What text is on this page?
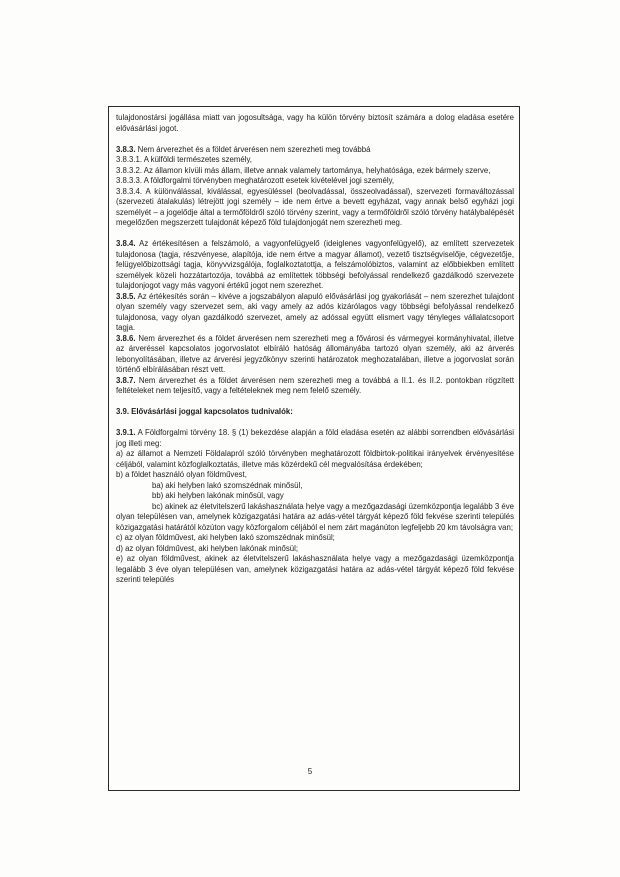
tulajdonostársi jogállása miatt van jogosultsága, vagy ha külön törvény biztosít számára a dolog eladása esetére elővásárlási jogot.

3.8.3. Nem árverezhet és a földet árverésen nem szerezheti meg továbbá

3.8.3.1. A külföldi természetes személy,

3.8.3.2. Az államon kívüli más állam, illetve annak valamely tartománya, helyhatósága, ezek bármely szerve,

3.8.3.3. A földforgalmi törvényben meghatározott esetek kivételével jogi személy,

3.8.3.4. A különválással, kiválással, egyesüléssel (beolvadással, összeolvadással), szervezeti formaváltozással (szervezeti átalakulás) létrejött jogi személy – ide nem értve a bevett egyházat, vagy annak belső egyházi jogi személyét – a jogelődje által a termőföldről szóló törvény szerint, vagy a termőföldről szóló törvény hatálybalépését megelőzően megszerzett tulajdonát képező föld tulajdonjogát nem szerezheti meg.

3.8.4. Az értékesítésen a felszámoló, a vagyonfelügyelő (ideiglenes vagyonfelügyelő), az említett szervezetek tulajdonosa (tagja, részvényese, alapítója, ide nem értve a magyar államot), vezető tisztségviselője, cégvezetője, felügyelőbizottsági tagja, könyvvizsgálója, foglalkoztatottja, a felszámolóbiztos, valamint az előbbiekben említett személyek közeli hozzátartozója, továbbá az említettek többségi befolyással rendelkező gazdálkodó szervezete tulajdonjogot vagy más vagyoni értékű jogot nem szerezhet.

3.8.5. Az értékesítés során – kivéve a jogszabályon alapuló elővásárlási jog gyakorlását – nem szerezhet tulajdont olyan személy vagy szervezet sem, aki vagy amely az adós kizárólagos vagy többségi befolyással rendelkező tulajdonosa, vagy olyan gazdálkodó szervezet, amely az adóssal együtt elismert vagy tényleges vállalatcsoport tagja.

3.8.6. Nem árverezhet és a földet árverésen nem szerezheti meg a fővárosi és vármegyei kormányhivatal, illetve az árveréssel kapcsolatos jogorvoslatot elbíráló hatóság állományába tartozó olyan személy, aki az árverés lebonyolításában, illetve az árverési jegyzőkönyv szerinti határozatok meghozatalában, illetve a jogorvoslat során történő elbírálásában részt vett.

3.8.7. Nem árverezhet és a földet árverésen nem szerezheti meg a továbbá a II.1. és II.2. pontokban rögzített feltételeket nem teljesítő, vagy a feltételeknek meg nem felelő személy.

3.9. Elővásárlási joggal kapcsolatos tudnivalók:

3.9.1. A Földforgalmi törvény 18. § (1) bekezdése alapján a föld eladása esetén az alábbi sorrendben elővásárlási jog illeti meg:

a) az államot a Nemzeti Földalapról szóló törvényben meghatározott földbirtok-politikai irányelvek érvényesítése céljából, valamint közfoglalkoztatás, illetve más közérdekű cél megvalósítása érdekében;

b) a földet használó olyan földművest,

ba) aki helyben lakó szomszédnak minősül,

bb) aki helyben lakónak minősül, vagy

bc) akinek az életvitelszerű lakáshasználata helye vagy a mezőgazdasági üzemközpontja legalább 3 éve olyan településen van, amelynek közigazgatási határa az adás-vétel tárgyát képező föld fekvése szerinti település közigazgatási határától közúton vagy közforgalom céljából el nem zárt magánúton legfeljebb 20 km távolságra van;

c) az olyan földművest, aki helyben lakó szomszédnak minősül;

d) az olyan földművest, aki helyben lakónak minősül;

e) az olyan földművest, akinek az életvitelszerű lakáshasználata helye vagy a mezőgazdasági üzemközpontja legalább 3 éve olyan településen van, amelynek közigazgatási határa az adás-vétel tárgyát képező föld fekvése szerinti település

5
